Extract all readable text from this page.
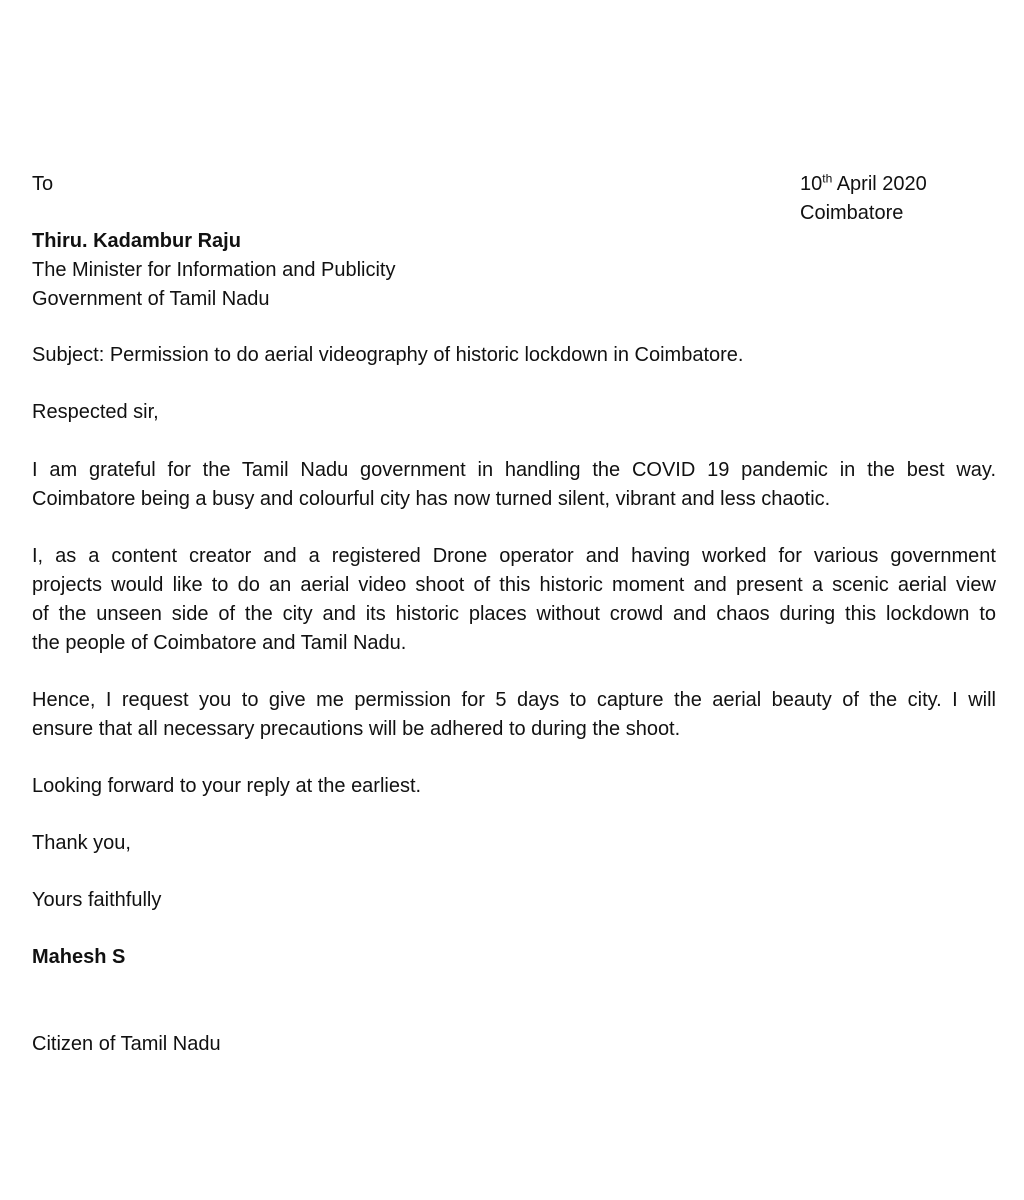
To	10th April 2020
Coimbatore
Thiru. Kadambur Raju
The Minister for Information and Publicity
Government of Tamil Nadu
Subject: Permission to do aerial videography of historic lockdown in Coimbatore.
Respected sir,
I am grateful for the Tamil Nadu government in handling the COVID 19 pandemic in the best way.
Coimbatore being a busy and colourful city has now turned silent, vibrant and less chaotic.
I, as a content creator and a registered Drone operator and having worked for various government
projects would like to do an aerial video shoot of this historic moment and present a scenic aerial view
of the unseen side of the city and its historic places without crowd and chaos during this lockdown to
the people of Coimbatore and Tamil Nadu.
Hence, I request you to give me permission for 5 days to capture the aerial beauty of the city. I will
ensure that all necessary precautions will be adhered to during the shoot.
Looking forward to your reply at the earliest.
Thank you,
Yours faithfully
Mahesh S
Citizen of Tamil Nadu
